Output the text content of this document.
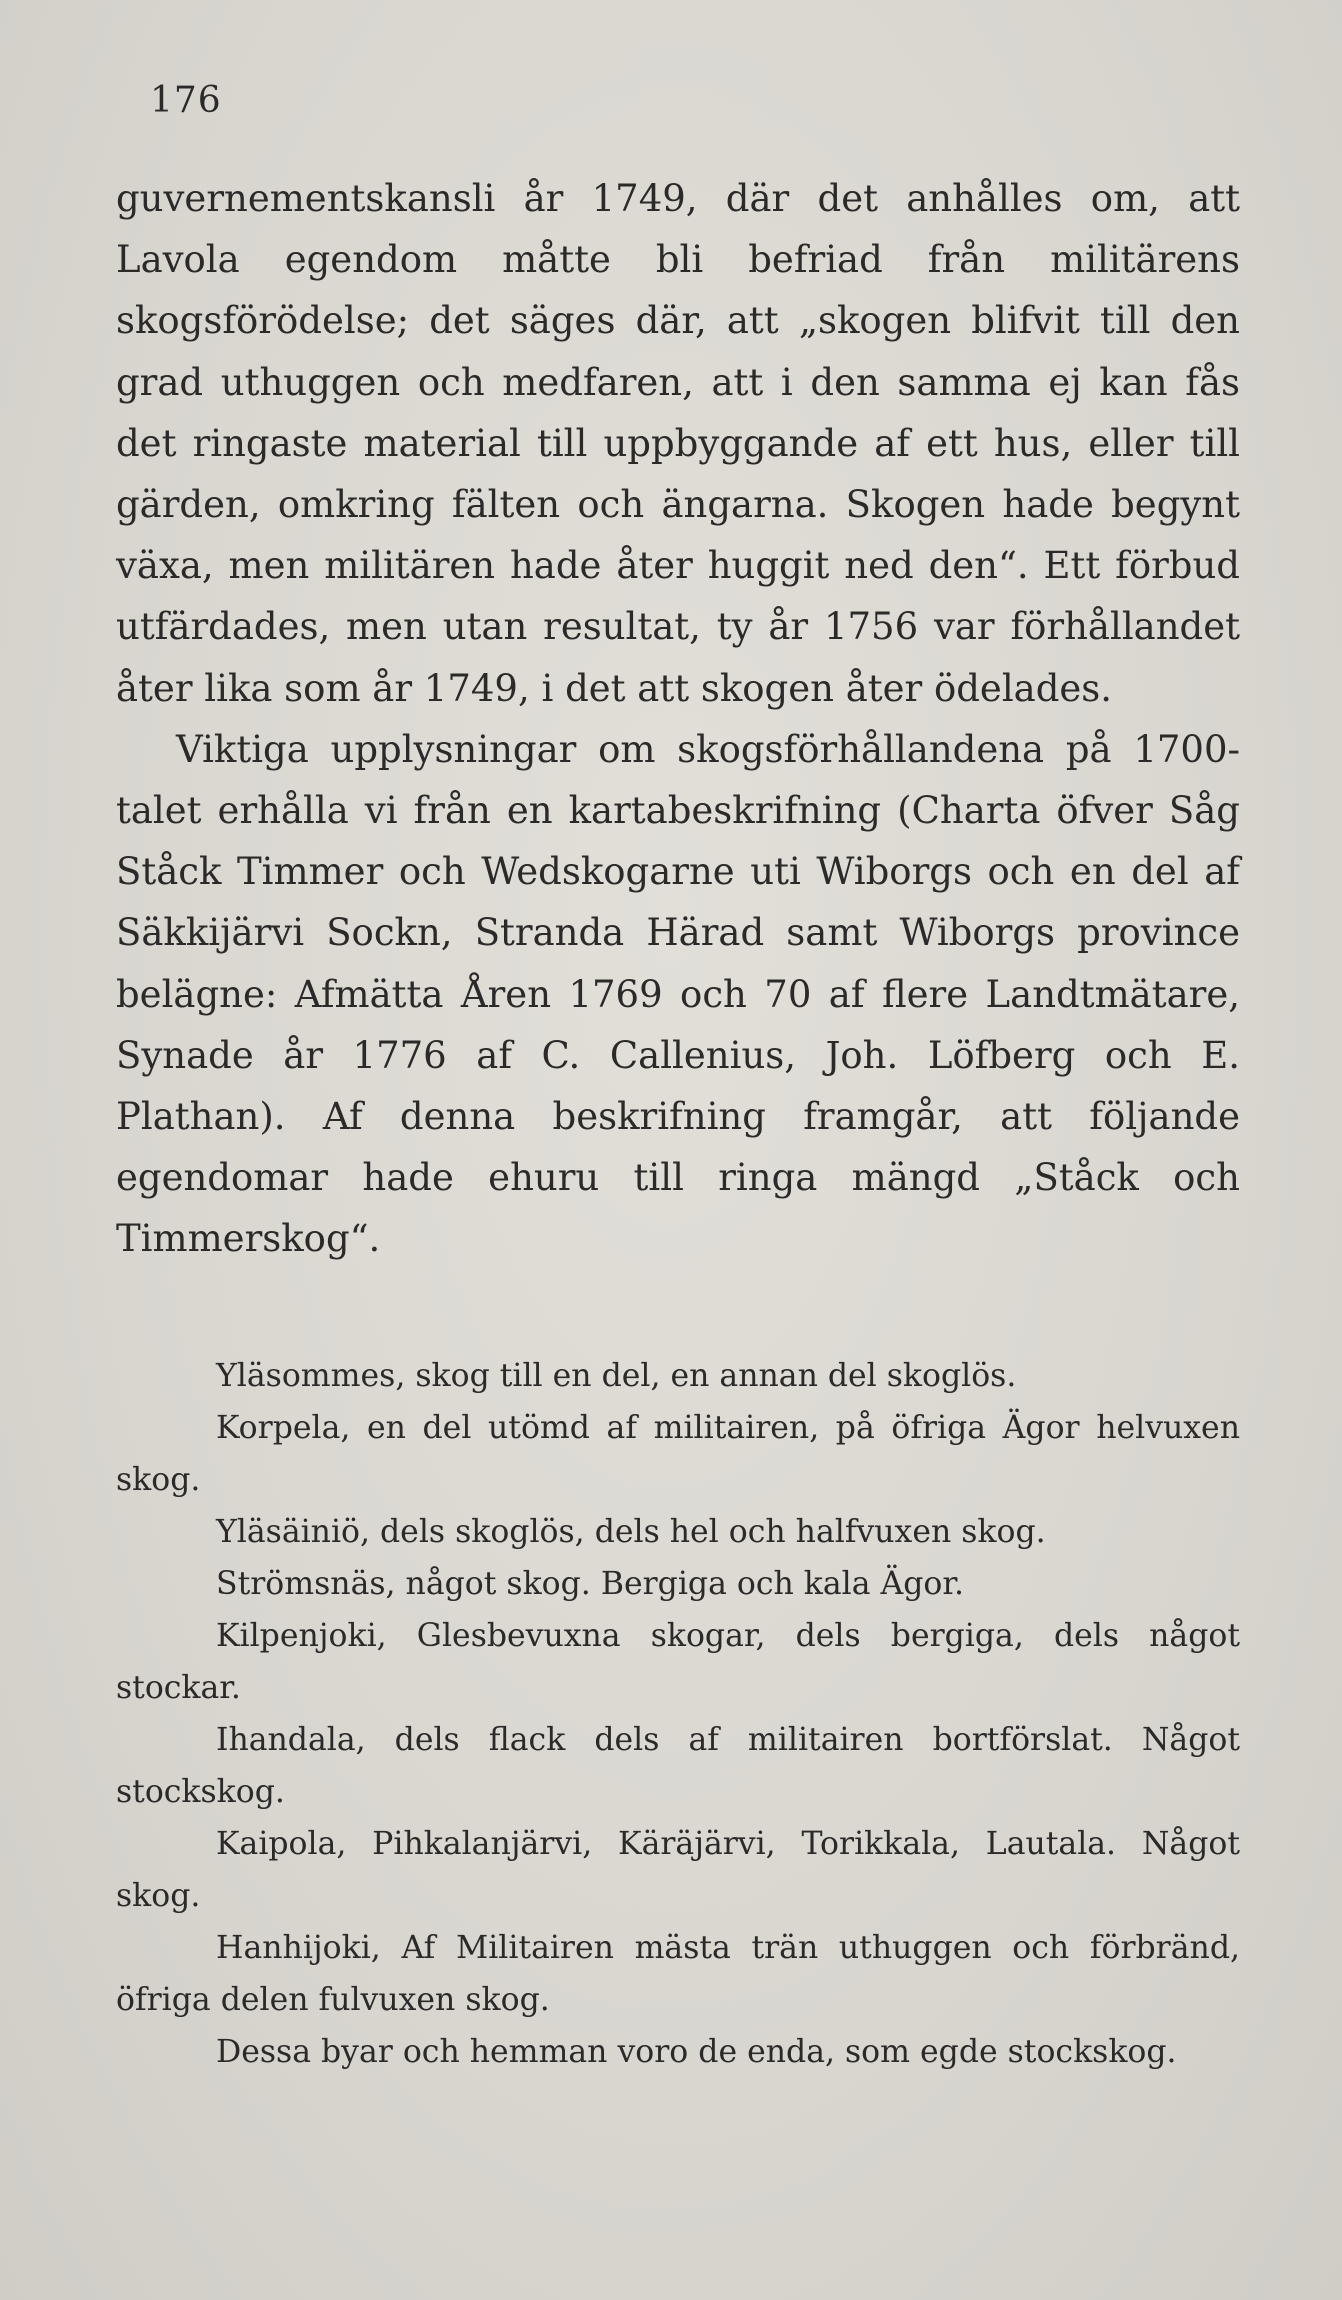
176

guvernementskansli år 1749, där det anhålles om, att Lavola egendom måtte bli befriad från militärens skogsförödelse; det säges där, att „skogen blifvit till den grad uthuggen och medfaren, att i den samma ej kan fås det ringaste material till uppbyggande af ett hus, eller till gärden, omkring fälten och ängarna. Skogen hade begynt växa, men militären hade åter huggit ned den“. Ett förbud utfärdades, men utan resultat, ty år 1756 var förhållandet åter lika som år 1749, i det att skogen åter ödelades.

Viktiga upplysningar om skogsförhållandena på 1700-talet erhålla vi från en kartabeskrifning (Charta öfver Såg Ståck Timmer och Wedskogarne uti Wiborgs och en del af Säkkijärvi Sockn, Stranda Härad samt Wiborgs province belägne: Afmätta Åren 1769 och 70 af flere Landtmätare, Synade år 1776 af C. Callenius, Joh. Löfberg och E. Plathan). Af denna beskrifning framgår, att följande egendomar hade ehuru till ringa mängd „Ståck och Timmerskog“.

Yläsommes, skog till en del, en annan del skoglös.
Korpela, en del utömd af militairen, på öfriga Ägor helvuxen skog.
Yläsäiniö, dels skoglös, dels hel och halfvuxen skog.
Strömsnäs, något skog. Bergiga och kala Ägor.
Kilpenjoki, Glesbevuxna skogar, dels bergiga, dels något stockar.
Ihandala, dels flack dels af militairen bortförslat. Något stockskog.
Kaipola, Pihkalanjärvi, Käräjärvi, Torikkala, Lautala. Något skog.
Hanhijoki, Af Militairen mästa trän uthuggen och förbränd, öfriga delen fulvuxen skog.
Dessa byar och hemman voro de enda, som egde stockskog.
